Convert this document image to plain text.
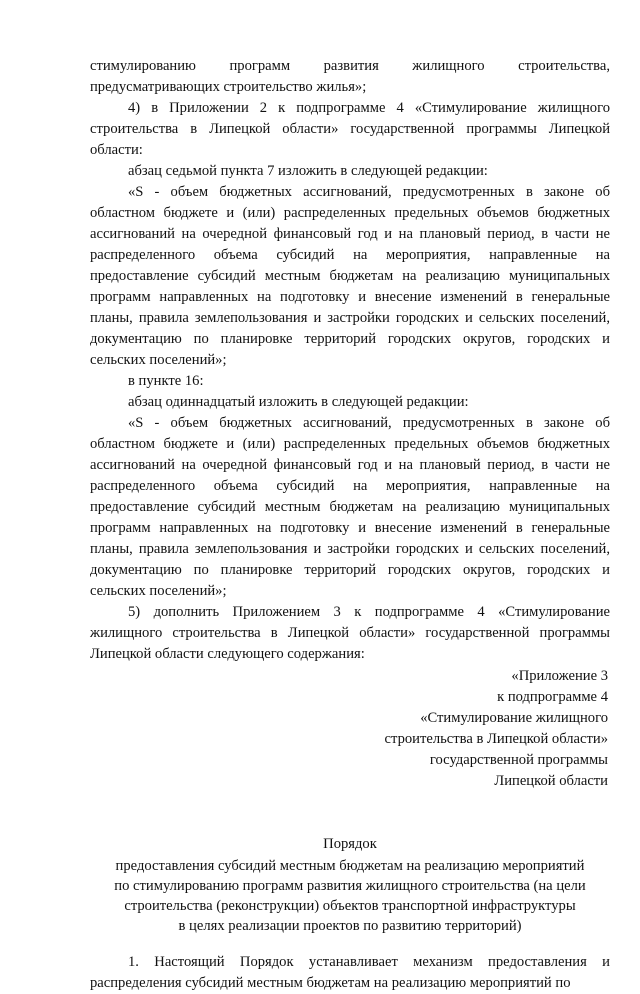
стимулированию программ развития жилищного строительства, предусматривающих строительство жилья»;

4) в Приложении 2 к подпрограмме 4 «Стимулирование жилищного строительства в Липецкой области» государственной программы Липецкой области:

абзац седьмой пункта 7 изложить в следующей редакции:

«S - объем бюджетных ассигнований, предусмотренных в законе об областном бюджете и (или) распределенных предельных объемов бюджетных ассигнований на очередной финансовый год и на плановый период, в части не распределенного объема субсидий на мероприятия, направленные на предоставление субсидий местным бюджетам на реализацию муниципальных программ направленных на подготовку и внесение изменений в генеральные планы, правила землепользования и застройки городских и сельских поселений, документацию по планировке территорий городских округов, городских и сельских поселений»;

в пункте 16:

абзац одиннадцатый изложить в следующей редакции:

«S - объем бюджетных ассигнований, предусмотренных в законе об областном бюджете и (или) распределенных предельных объемов бюджетных ассигнований на очередной финансовый год и на плановый период, в части не распределенного объема субсидий на мероприятия, направленные на предоставление субсидий местным бюджетам на реализацию муниципальных программ направленных на подготовку и внесение изменений в генеральные планы, правила землепользования и застройки городских и сельских поселений, документацию по планировке территорий городских округов, городских и сельских поселений»;

5) дополнить Приложением 3 к подпрограмме 4 «Стимулирование жилищного строительства в Липецкой области» государственной программы Липецкой области следующего содержания:

«Приложение 3
к подпрограмме 4
«Стимулирование жилищного
строительства в Липецкой области»
государственной программы
Липецкой области
Порядок
предоставления субсидий местным бюджетам на реализацию мероприятий
по стимулированию программ развития жилищного строительства (на цели
строительства (реконструкции) объектов транспортной инфраструктуры
в целях реализации проектов по развитию территорий)

1. Настоящий Порядок устанавливает механизм предоставления и распределения субсидий местным бюджетам на реализацию мероприятий по
